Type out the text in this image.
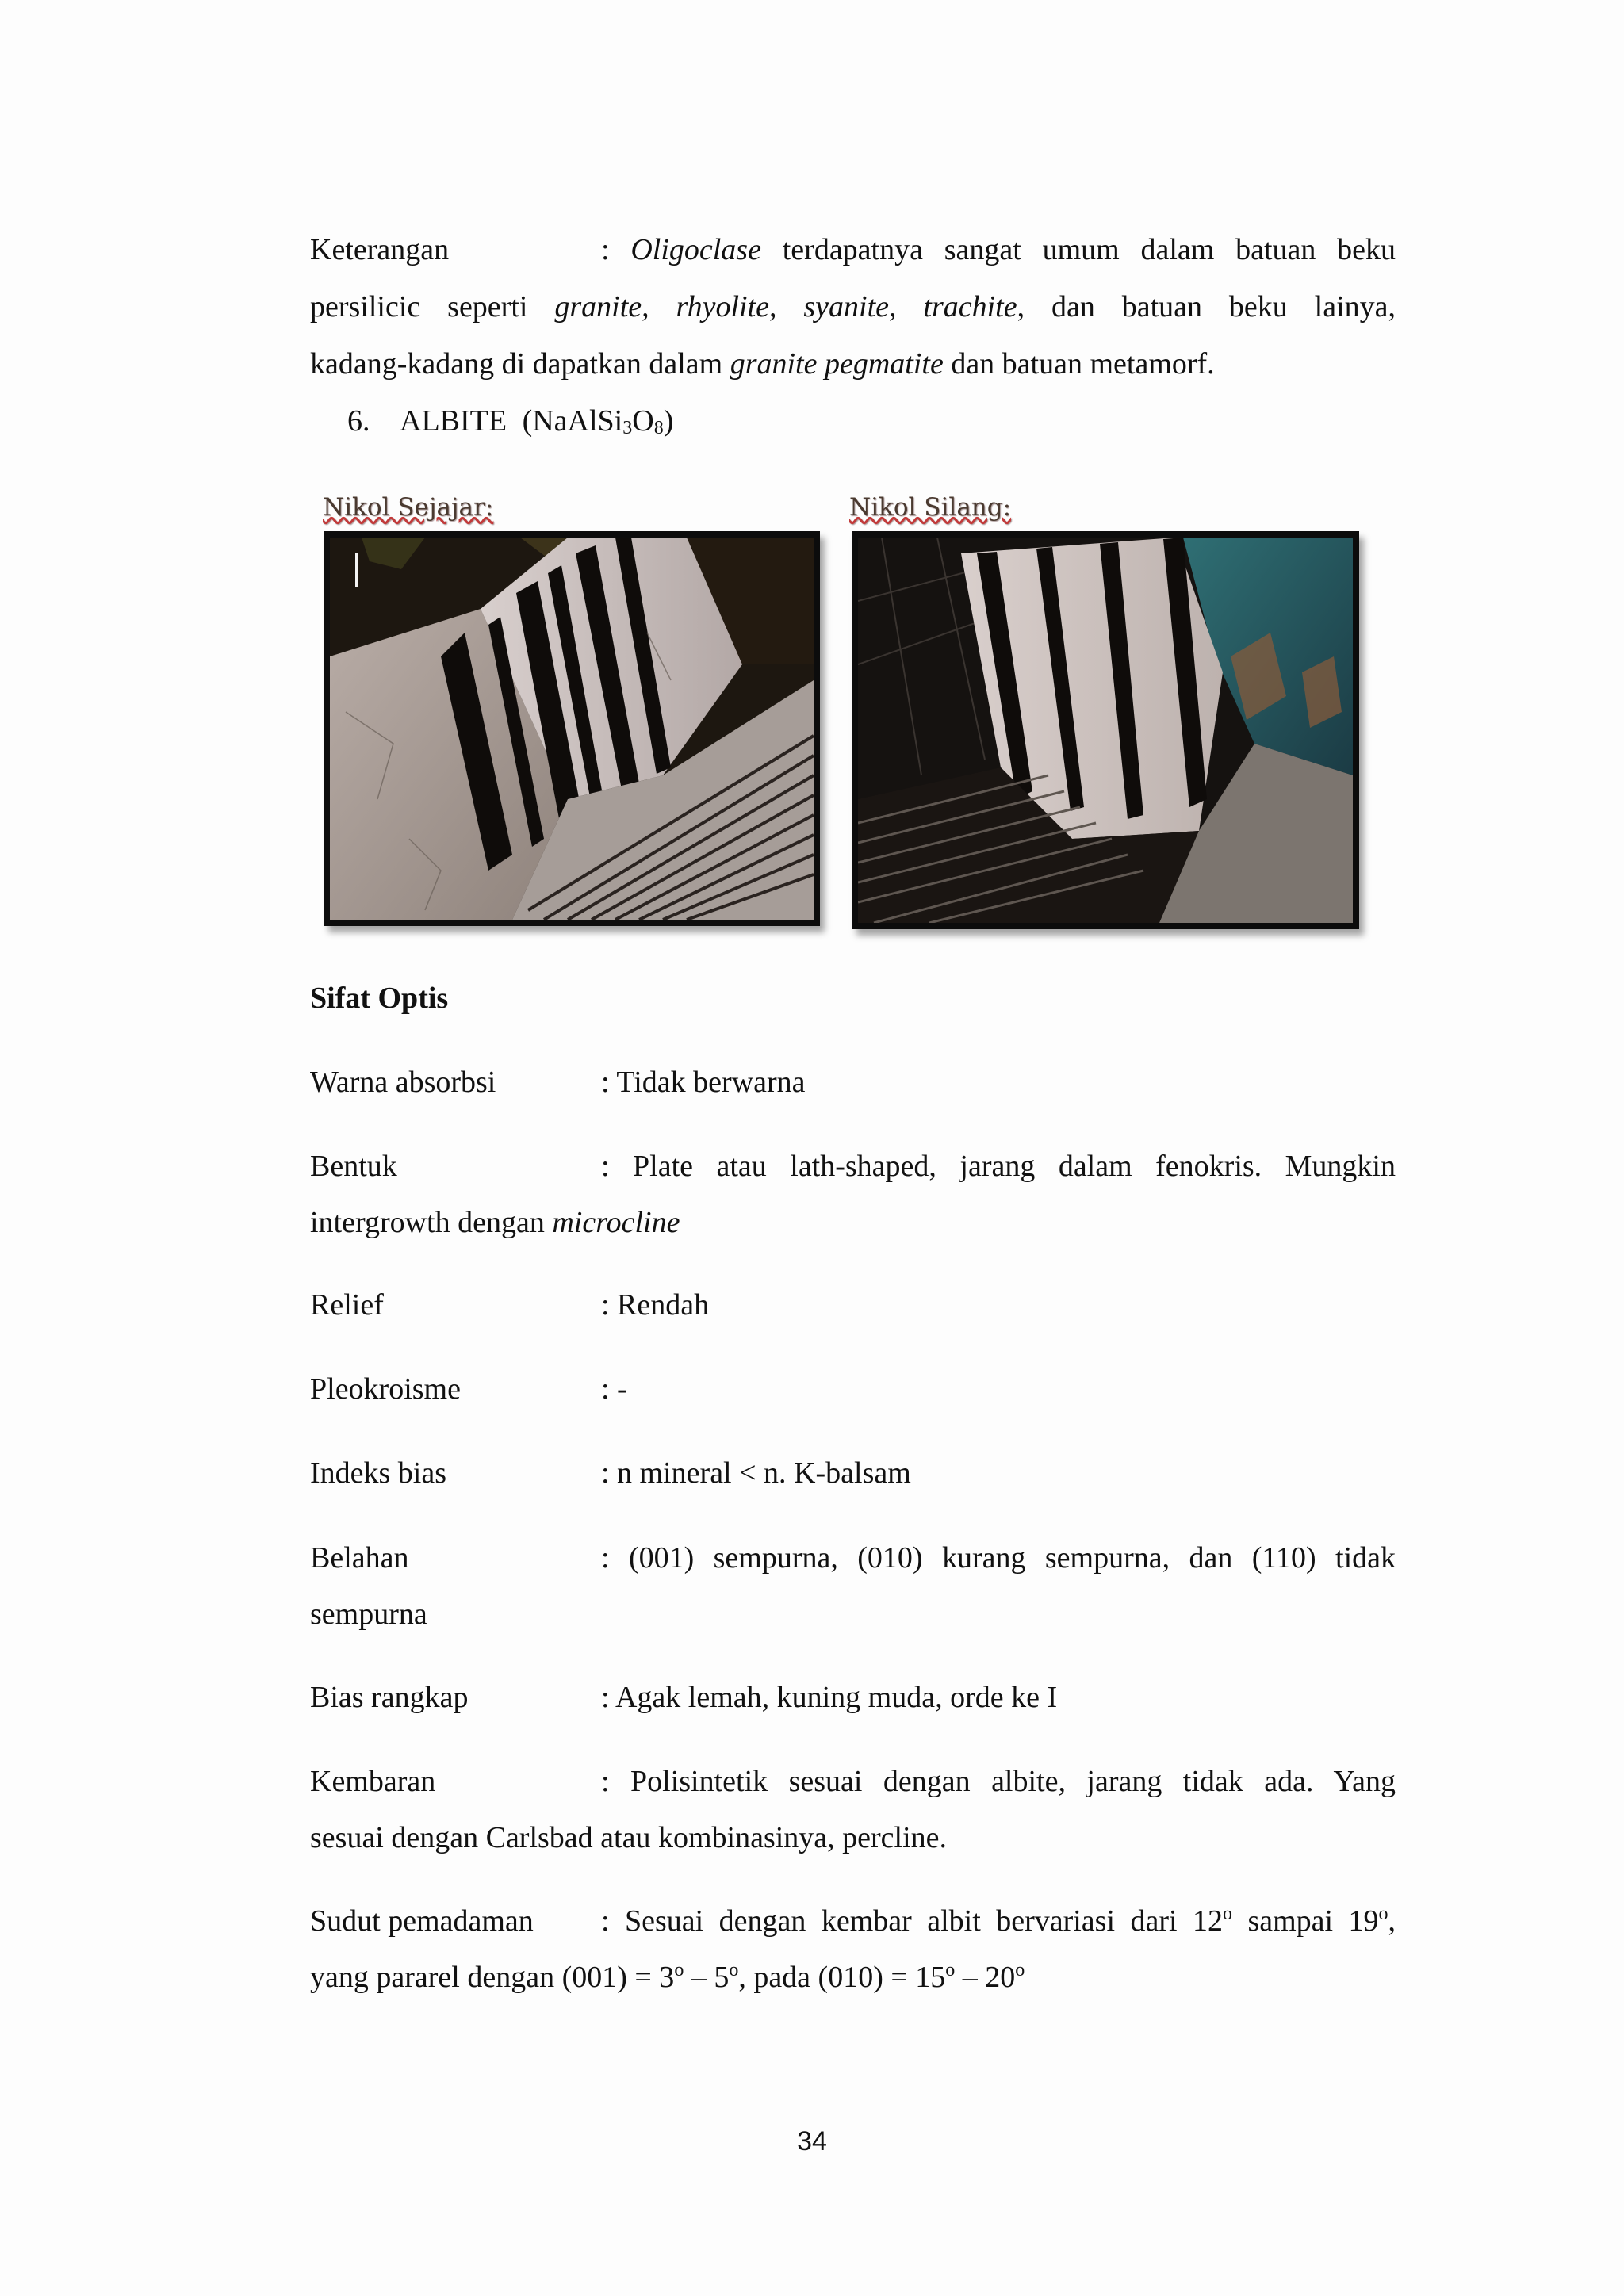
Keterangan	: Oligoclase terdapatnya sangat umum dalam batuan beku
persilicic seperti granite, rhyolite, syanite, trachite, dan batuan beku lainya,
kadang-kadang di dapatkan dalam granite pegmatite dan batuan metamorf.
6. ALBITE $(NaAlSi_3O_8)$
Nikol Sejajar:	Nikol Silang:
Sifat Optis
Warna absorbsi	: Tidak berwarna
Bentuk	: Plate atau lath-shaped, jarang dalam fenokris. Mungkin
intergrowth dengan microcline
Relief	: Rendah
Pleokroisme	: -
Indeks bias	: n mineral < n. K-balsam
Belahan	: (001) sempurna, (010) kurang sempurna, dan (110) tidak
sempurna
Bias rangkap	: Agak lemah, kuning muda, orde ke I
Kembaran	: Polisintetik sesuai dengan albite, jarang tidak ada. Yang
sesuai dengan Carlsbad atau kombinasinya, percline.
Sudut pemadaman : Sesuai dengan kembar albit bervariasi dari 12$^o$ sampai 19$^o$,
yang pararel dengan $(001) = 3^o - 5^o$, pada $(010) = 15^o - 20^o$
34
